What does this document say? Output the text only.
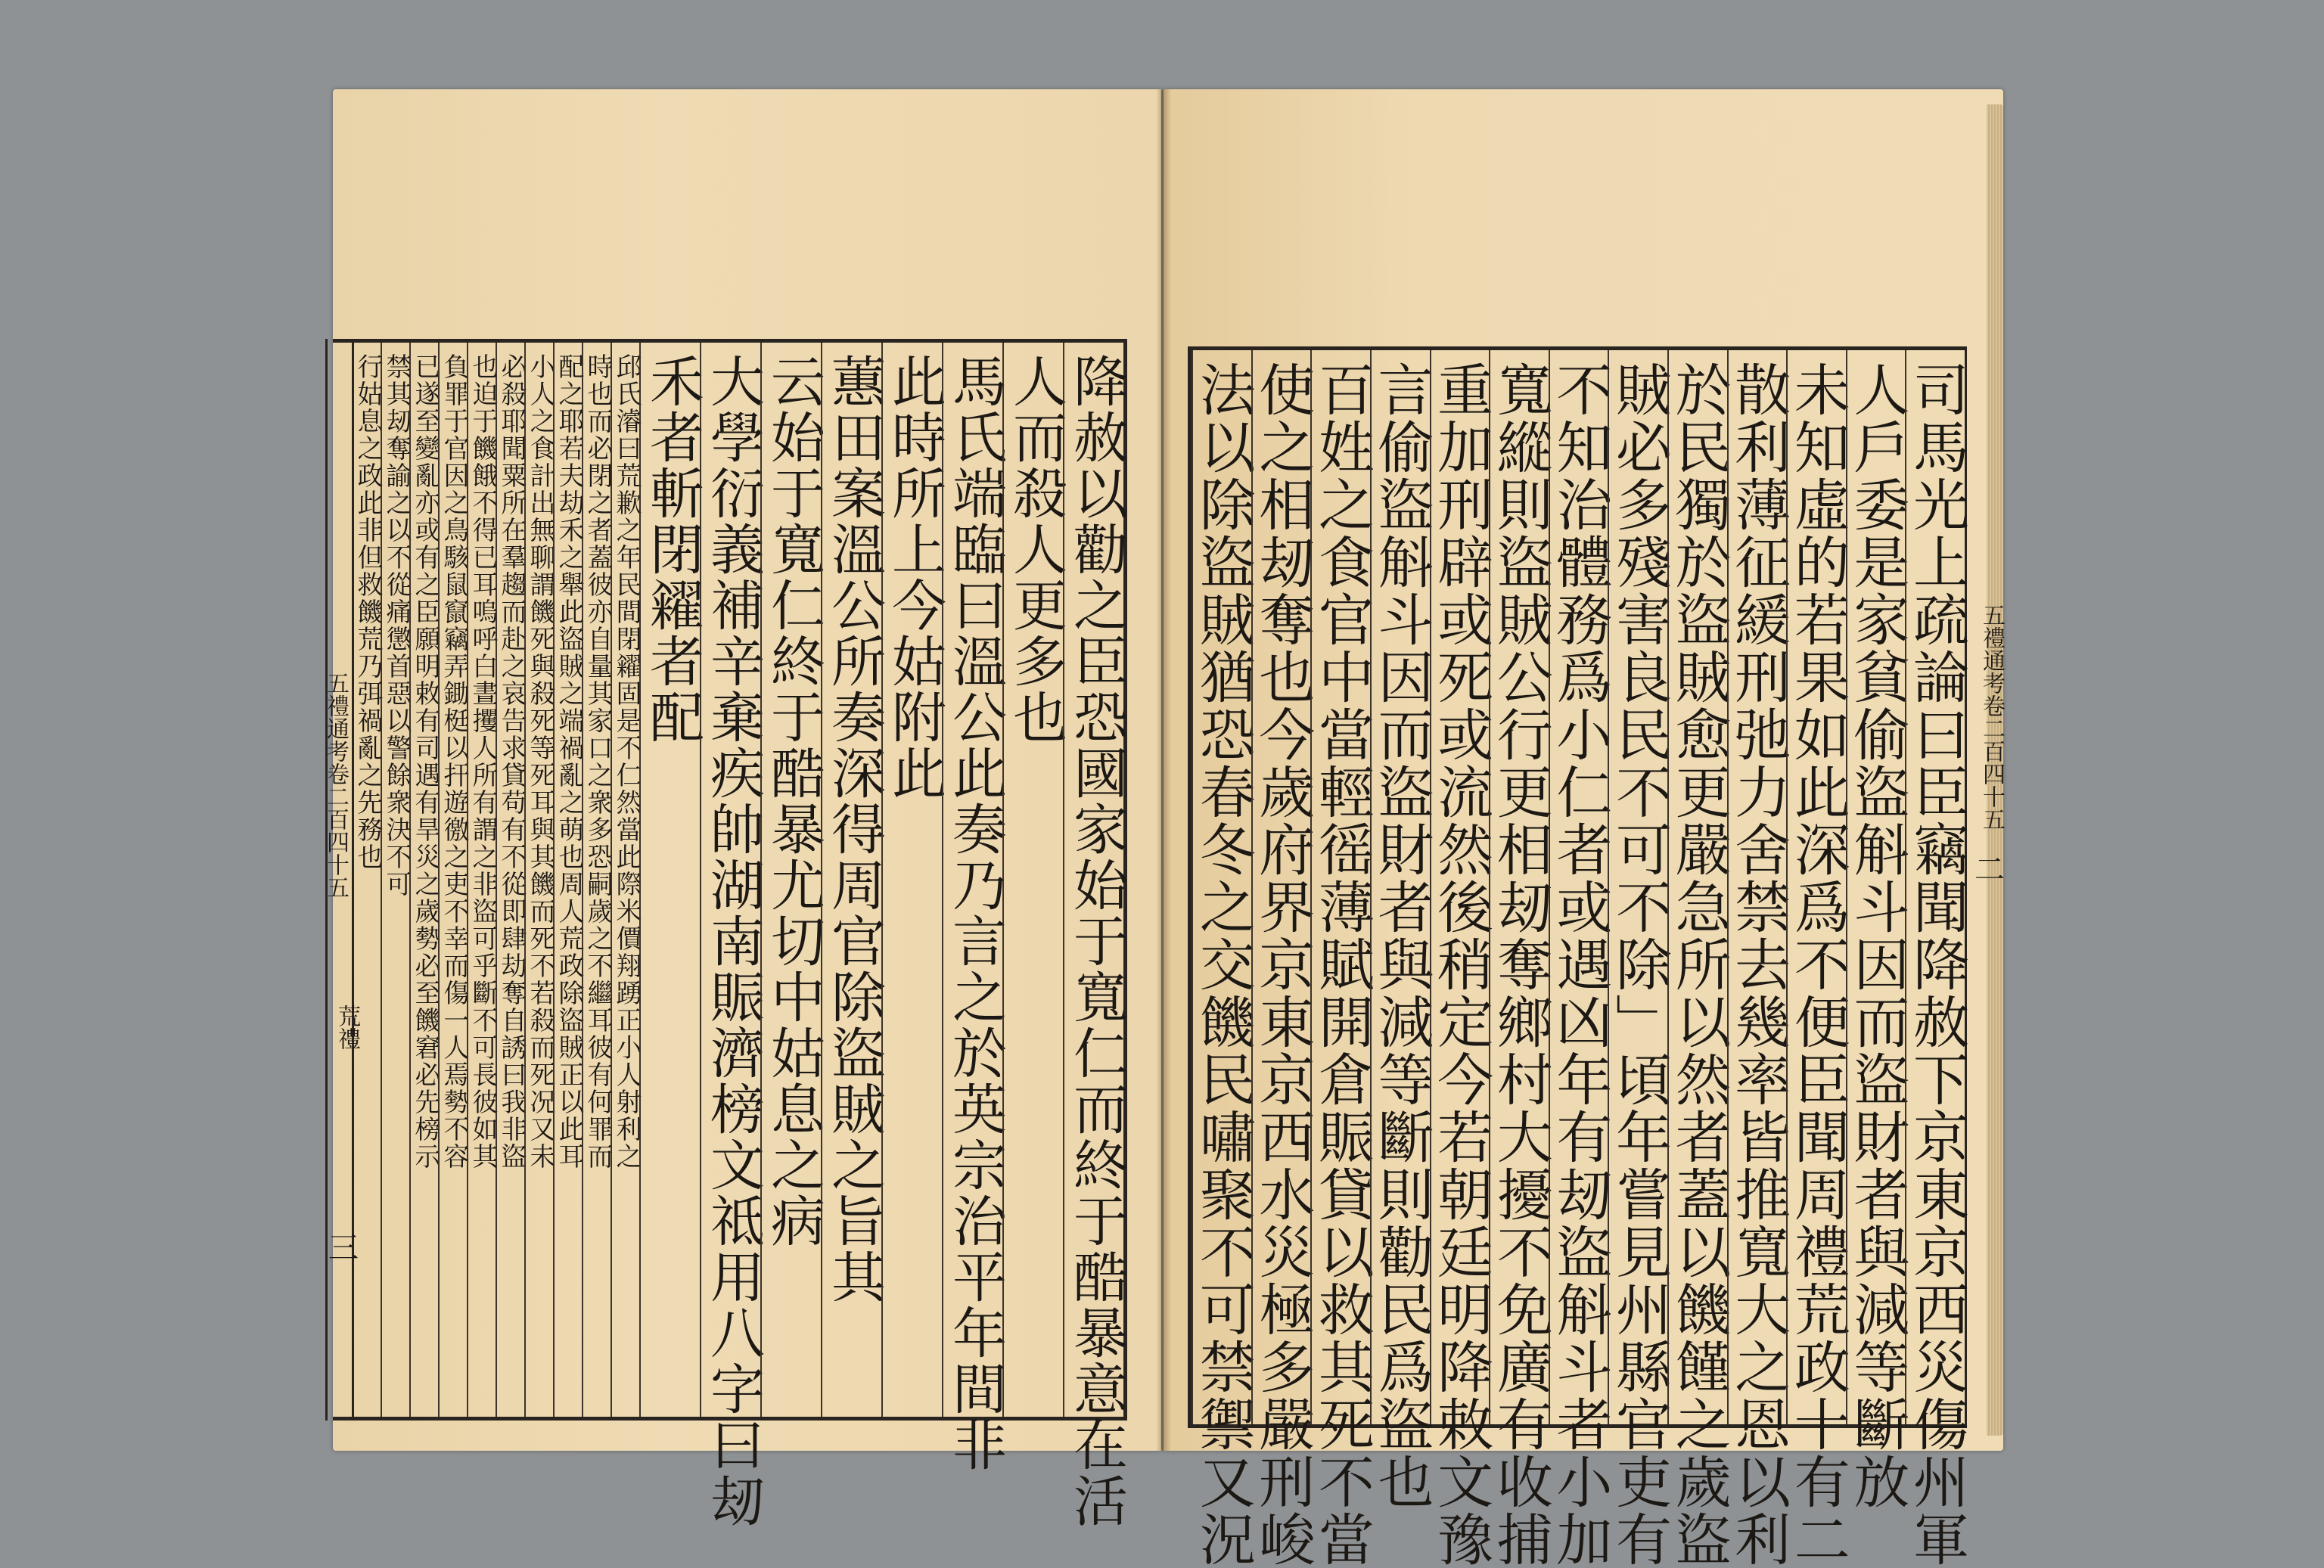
降赦以勸之臣恐國家始于寬仁而終于酷暴意在活
人而殺人更多也
馬氏端臨曰溫公此奏乃言之於英宗治平年間非
此時所上今姑附此
蕙田案溫公所奏深得周官除盜賊之旨其
云始于寬仁終于酷暴尤切中姑息之病
大學衍義補辛棄疾帥湖南賑濟榜文祗用八字曰刼
禾者斬閉糴者配
邱氏濬曰荒歉之年民間閉糴固是不仁然當此際米價翔踴正小人射利之
時也而必閉之者蓋彼亦自量其家口之衆多恐嗣歲之不繼耳彼有何罪而
配之耶若夫劫禾之舉此盜賊之端禍亂之萌也周人荒政除盜賊正以此耳
小人之食計出無聊謂饑死與殺死等死耳與其饑而死不若殺而死况又未
必殺耶聞粟所在羣趨而赴之哀告求貸苟有不從即肆劫奪自誘曰我非盜
也迫于饑餓不得已耳嗚呼白晝攫人所有謂之非盜可乎斷不可長彼如其
負罪于官因之鳥駭鼠竄竊弄鋤梃以扞遊徼之吏不幸而傷一人焉勢不容
已遂至變亂亦或有之臣願明敕有司遇有旱災之歲勢必至饑窘必先榜示
禁其刼奪諭之以不從痛懲首惡以警餘衆決不可
行姑息之政此非但救饑荒乃弭禍亂之先務也	司馬光上疏論曰臣竊聞降赦下京東京西災傷州軍
人戶委是家貧偷盜斛斗因而盜財者與減等斷放
未知虛的若果如此深爲不便臣聞周禮荒政十有二
散利薄征緩刑弛力舍禁去幾率皆推寬大之恩以利
於民獨於盜賊愈更嚴急所以然者蓋以饑饉之歲盜
賊必多殘害良民不可不除」頃年嘗見州縣官吏有
不知治體務爲小仁者或遇凶年有刼盜斛斗者小加
寬縱則盜賊公行更相刼奪鄉村大擾不免廣有收捕
重加刑辟或死或流然後稍定今若朝廷明降敕文豫
言偷盜斛斗因而盜財者與減等斷則勸民爲盜也
百姓之食官中當輕徭薄賦開倉賑貸以救其死不當
使之相刼奪也今歲府界京東京西水災極多嚴刑峻
法以除盜賊猶恐春冬之交饑民嘯聚不可禁禦又況	五禮通考卷二百四十五
二
五禮通考卷二百四十五
荒禮
三
